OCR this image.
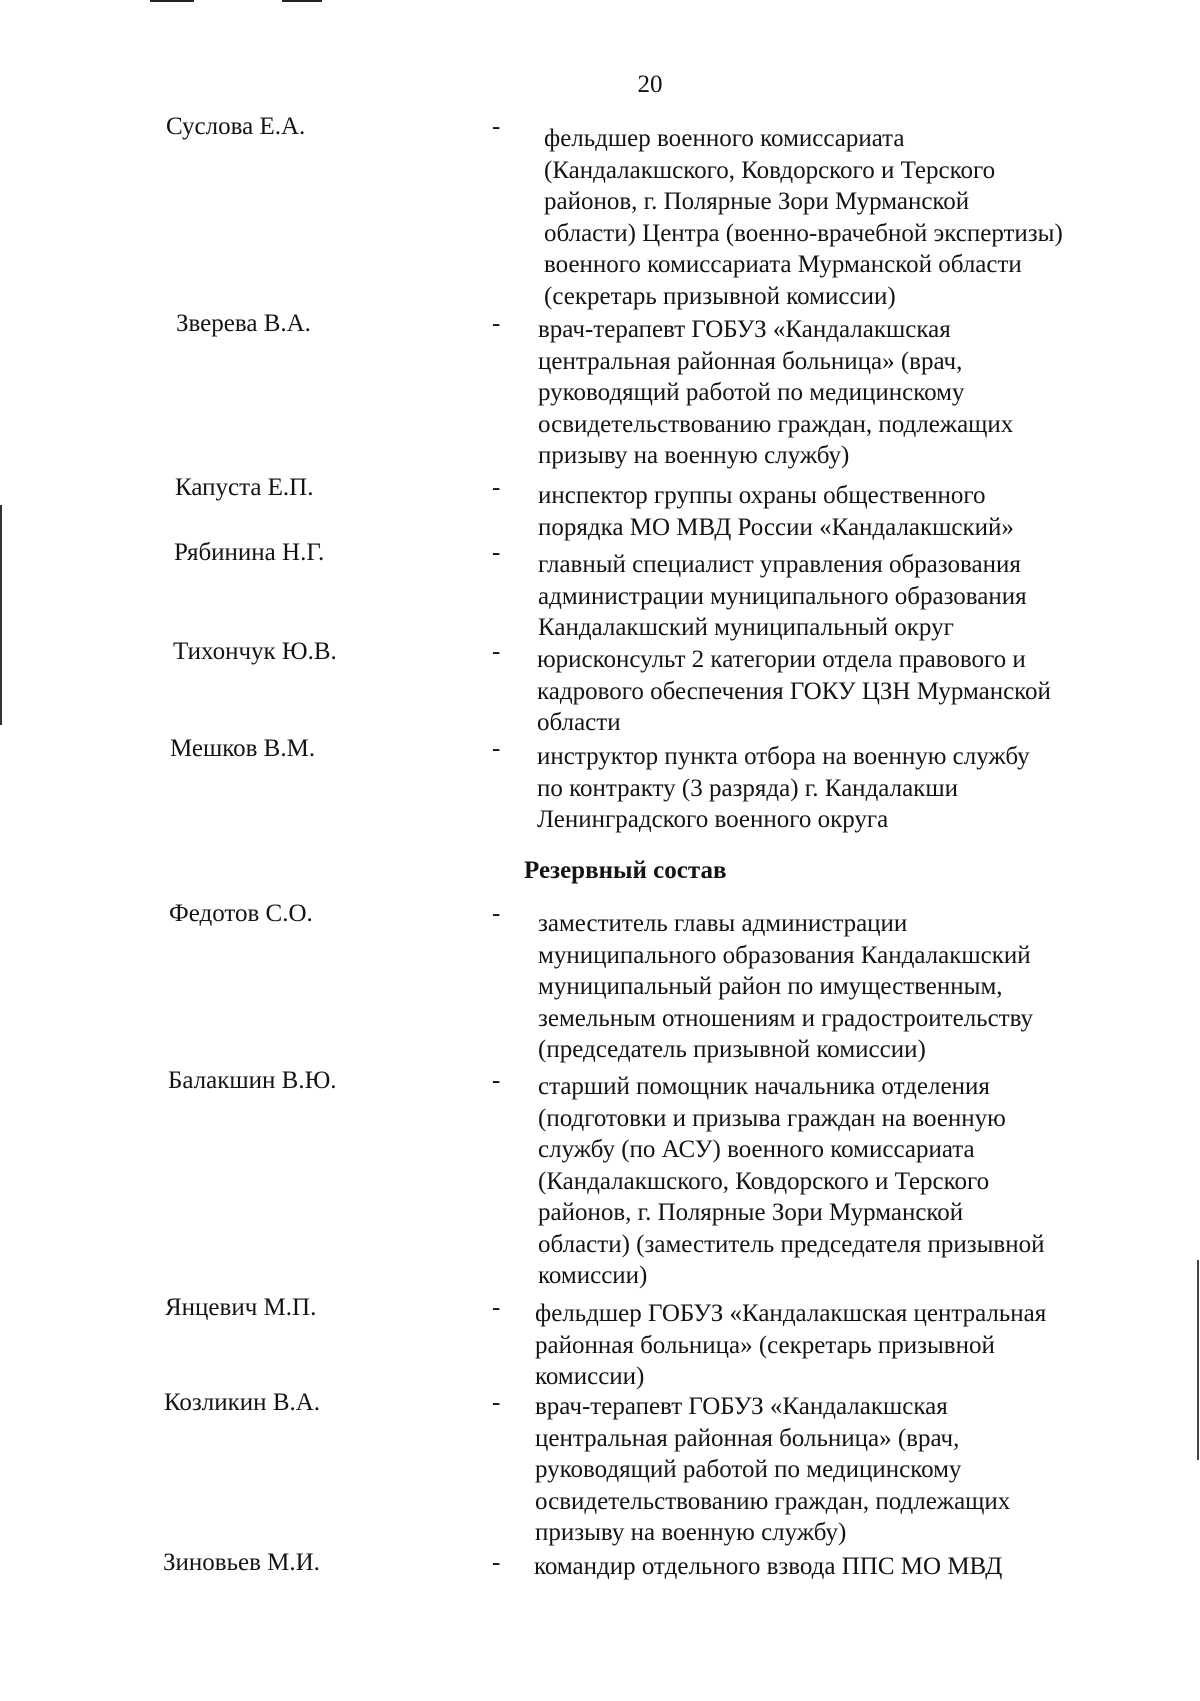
20
Суслова Е.А.	- фельдшер военного комиссариата
(Кандалакшского, Ковдорского и Терского
районов, г. Полярные Зори Мурманской
области) Центра (военно-врачебной экспертизы)
военного комиссариата Мурманской области
(секретарь призывной комиссии)
Зверева В.А.	- врач-терапевт ГОБУЗ «Кандалакшская
центральная районная больница» (врач,
руководящий работой по медицинскому
освидетельствованию граждан, подлежащих
призыву на военную службу)
Капуста Е.П.	- инспектор группы охраны общественного
порядка МО МВД России «Кандалакшский»
Рябинина Н.Г.	- главный специалист управления образования
администрации муниципального образования
Кандалакшский муниципальный округ
Тихончук Ю.В.	- юрисконсульт 2 категории отдела правового и
кадрового обеспечения ГОКУ ЦЗН Мурманской
области
Мешков В.М.	- инструктор пункта отбора на военную службу
по контракту (3 разряда) г. Кандалакши
Ленинградского военного округа
Резервный состав
Федотов С.О.	- заместитель главы администрации
муниципального образования Кандалакшский
муниципальный район по имущественным,
земельным отношениям и градостроительству
(председатель призывной комиссии)
Балакшин В.Ю.	- старший помощник начальника отделения
(подготовки и призыва граждан на военную
службу (по АСУ) военного комиссариата
(Кандалакшского, Ковдорского и Терского
районов, г. Полярные Зори Мурманской
области) (заместитель председателя призывной
комиссии)
Янцевич М.П.	- фельдшер ГОБУЗ «Кандалакшская центральная
районная больница» (секретарь призывной
комиссии)
Козликин В.А.	- врач-терапевт ГОБУЗ «Кандалакшская
центральная районная больница» (врач,
руководящий работой по медицинскому
освидетельствованию граждан, подлежащих
призыву на военную службу)
Зиновьев М.И.	- командир отдельного взвода ППС МО МВД
